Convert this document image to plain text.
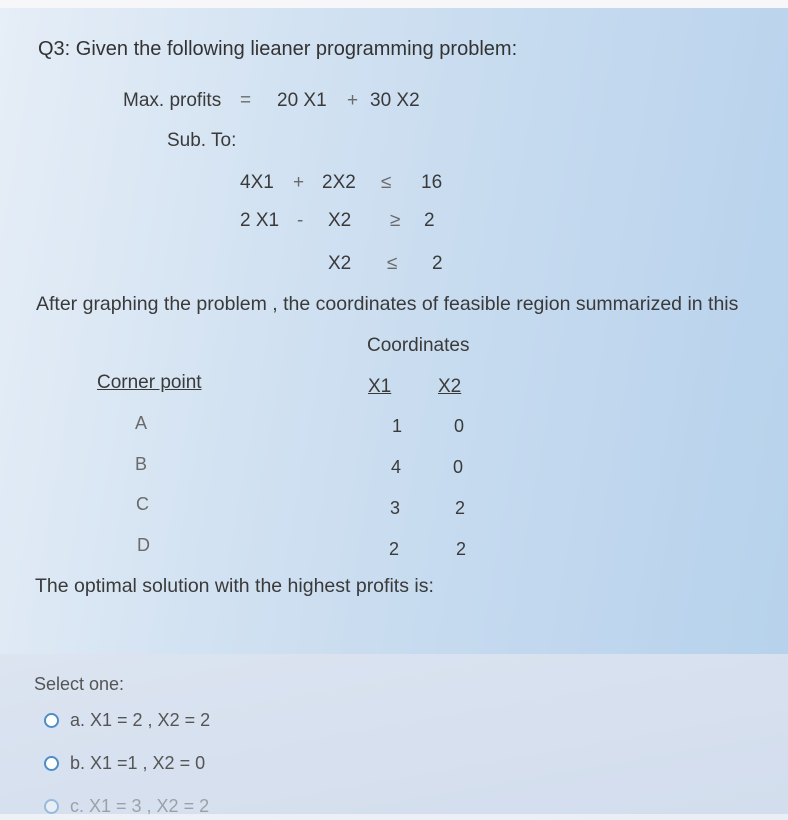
Q3: Given the following lieaner programming problem:
Max. profits = 20 X1 + 30 X2
Sub. To:
4X1 + 2X2 ≤ 16
2 X1 - X2 ≥ 2
X2 ≤ 2
After graphing the problem , the coordinates of feasible region summarized in this
Coordinates
Corner point	X1 X2
A	1	0
B	4	0
C	3	2
D	2	2
The optimal solution with the highest profits is:
Select one:
a. X1 = 2 , X2 = 2
b. X1 =1 , X2 = 0
c. X1 = 3 , X2 = 2
